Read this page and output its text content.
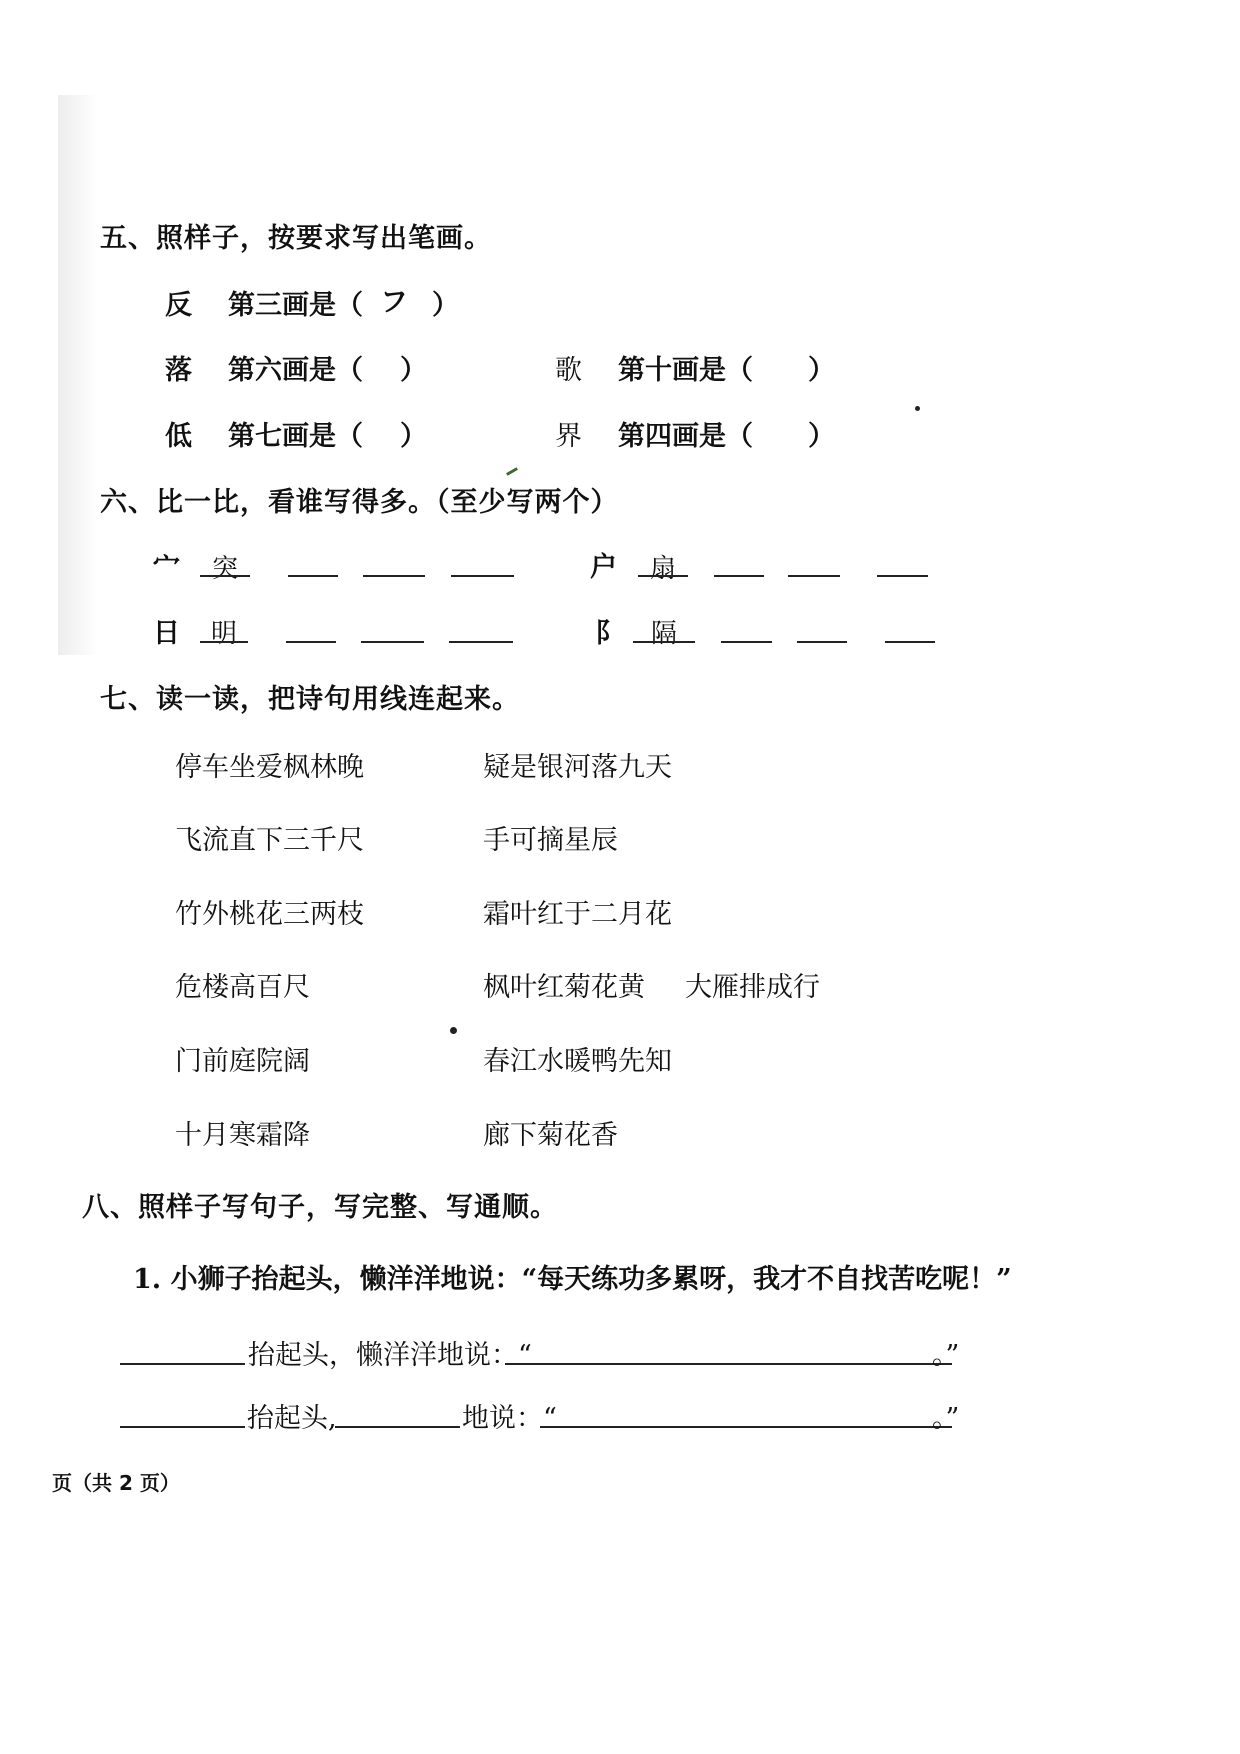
五、照样子，按要求写出笔画。
反 第三画是（ フ ）
落 第六画是（ ）	歌 第十画是（ ）
低 第七画是（ ）	界 第四画是（ ）
六、比一比，看谁写得多。（至少写两个）
宀	突	户	扇
日	明	阝	隔
七、读一读，把诗句用线连起来。
停车坐爱枫林晚
飞流直下三千尺
竹外桃花三两枝
危楼高百尺
门前庭院阔
十月寒霜降
疑是银河落九天
手可摘星辰
霜叶红于二月花
枫叶红菊花黄 大雁排成行
春江水暖鸭先知
廊下菊花香
八、照样子写句子，写完整、写通顺。
1. 小狮子抬起头，懒洋洋地说：“每天练功多累呀，我才不自找苦吃呢！”
抬起头，懒洋洋地说：“	。”
抬起头,	地说：“	。”
页（共 2 页）
